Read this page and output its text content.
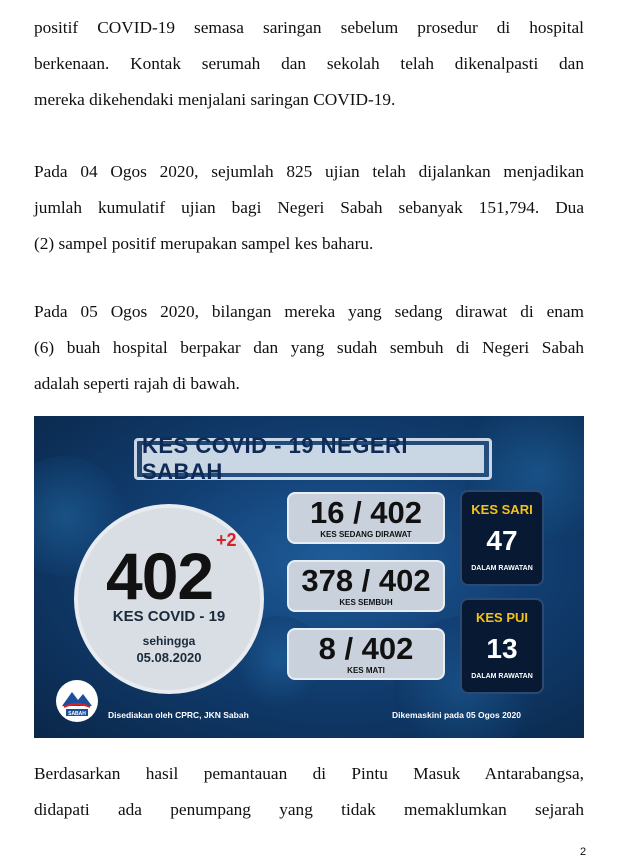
positif COVID-19 semasa saringan sebelum prosedur di hospital
berkenaan. Kontak serumah dan sekolah telah dikenalpasti dan
mereka dikehendaki menjalani saringan COVID-19.
Pada 04 Ogos 2020, sejumlah 825 ujian telah dijalankan menjadikan
jumlah kumulatif ujian bagi Negeri Sabah sebanyak 151,794. Dua
(2) sampel positif merupakan sampel kes baharu.
Pada 05 Ogos 2020, bilangan mereka yang sedang dirawat di enam
(6) buah hospital berpakar dan yang sudah sembuh di Negeri Sabah
adalah seperti rajah di bawah.
KES COVID - 19 NEGERI SABAH
402 +2
KES COVID - 19
sehingga
05.08.2020
16 / 402
KES SEDANG DIRAWAT
378 / 402
KES SEMBUH
8 / 402
KES MATI
KES SARI
47
DALAM RAWATAN
KES PUI
13
DALAM RAWATAN
SABAH	Disediakan oleh CPRC, JKN Sabah	Dikemaskini pada 05 Ogos 2020
Berdasarkan hasil pemantauan di Pintu Masuk Antarabangsa,
didapati ada penumpang yang tidak memaklumkan sejarah
2
